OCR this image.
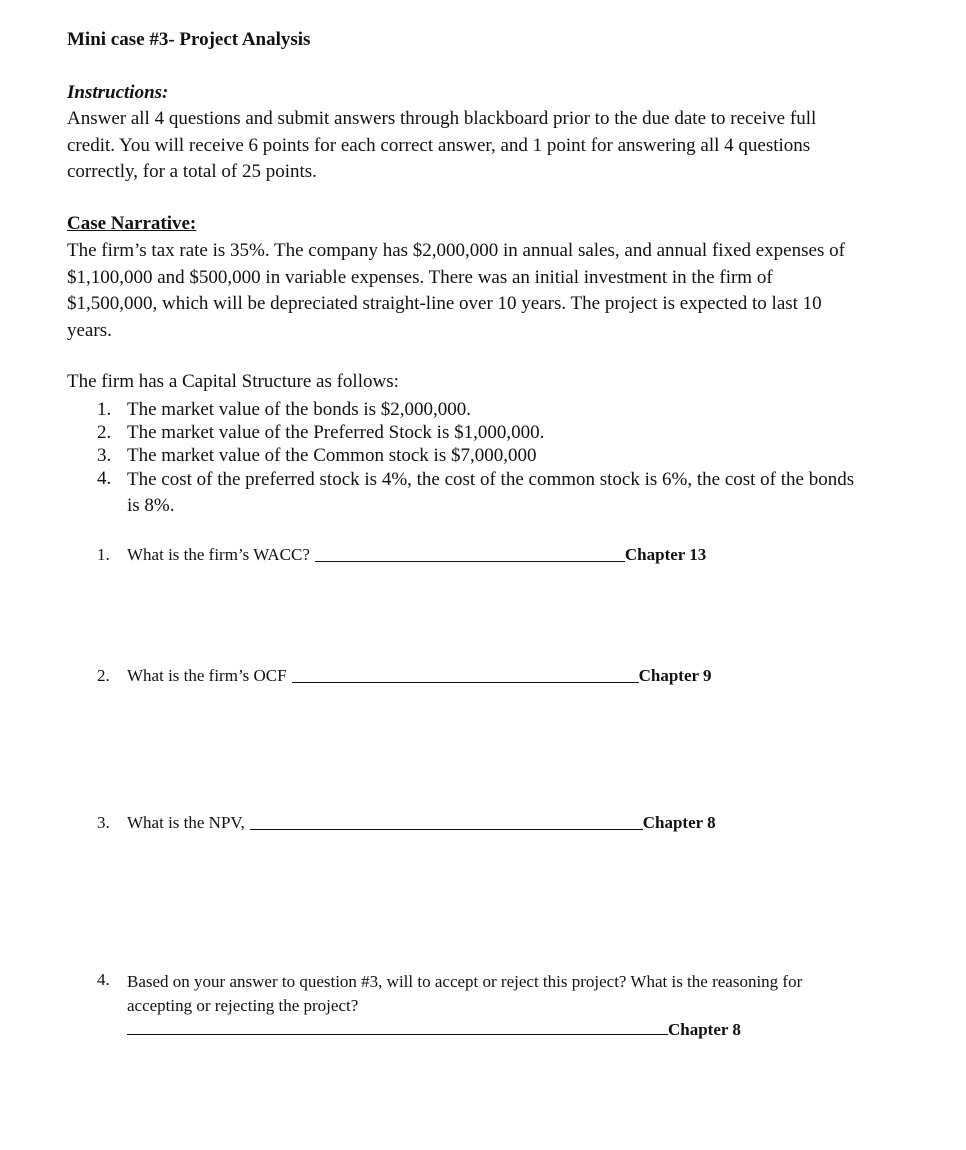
Mini case #3- Project Analysis

Instructions:

Answer all 4 questions and submit answers through blackboard prior to the due date to receive full credit. You will receive 6 points for each correct answer, and 1 point for answering all 4 questions correctly, for a total of 25 points.

Case Narrative:

The firm’s tax rate is 35%. The company has $2,000,000 in annual sales, and annual fixed expenses of $1,100,000 and $500,000 in variable expenses. There was an initial investment in the firm of $1,500,000, which will be depreciated straight-line over 10 years. The project is expected to last 10 years.

The firm has a Capital Structure as follows:

1. The market value of the bonds is $2,000,000.
2. The market value of the Preferred Stock is $1,000,000.
3. The market value of the Common stock is $7,000,000
4. The cost of the preferred stock is 4%, the cost of the common stock is 6%, the cost of the bonds is 8%.
1.	What is the firm’s WACC?	Chapter 13
2.	What is the firm’s OCF	Chapter 9
3.	What is the NPV,	Chapter 8
4.	Based on your answer to question #3, will to accept or reject this project? What is the reasoning for accepting or rejecting the project?
Chapter 8
